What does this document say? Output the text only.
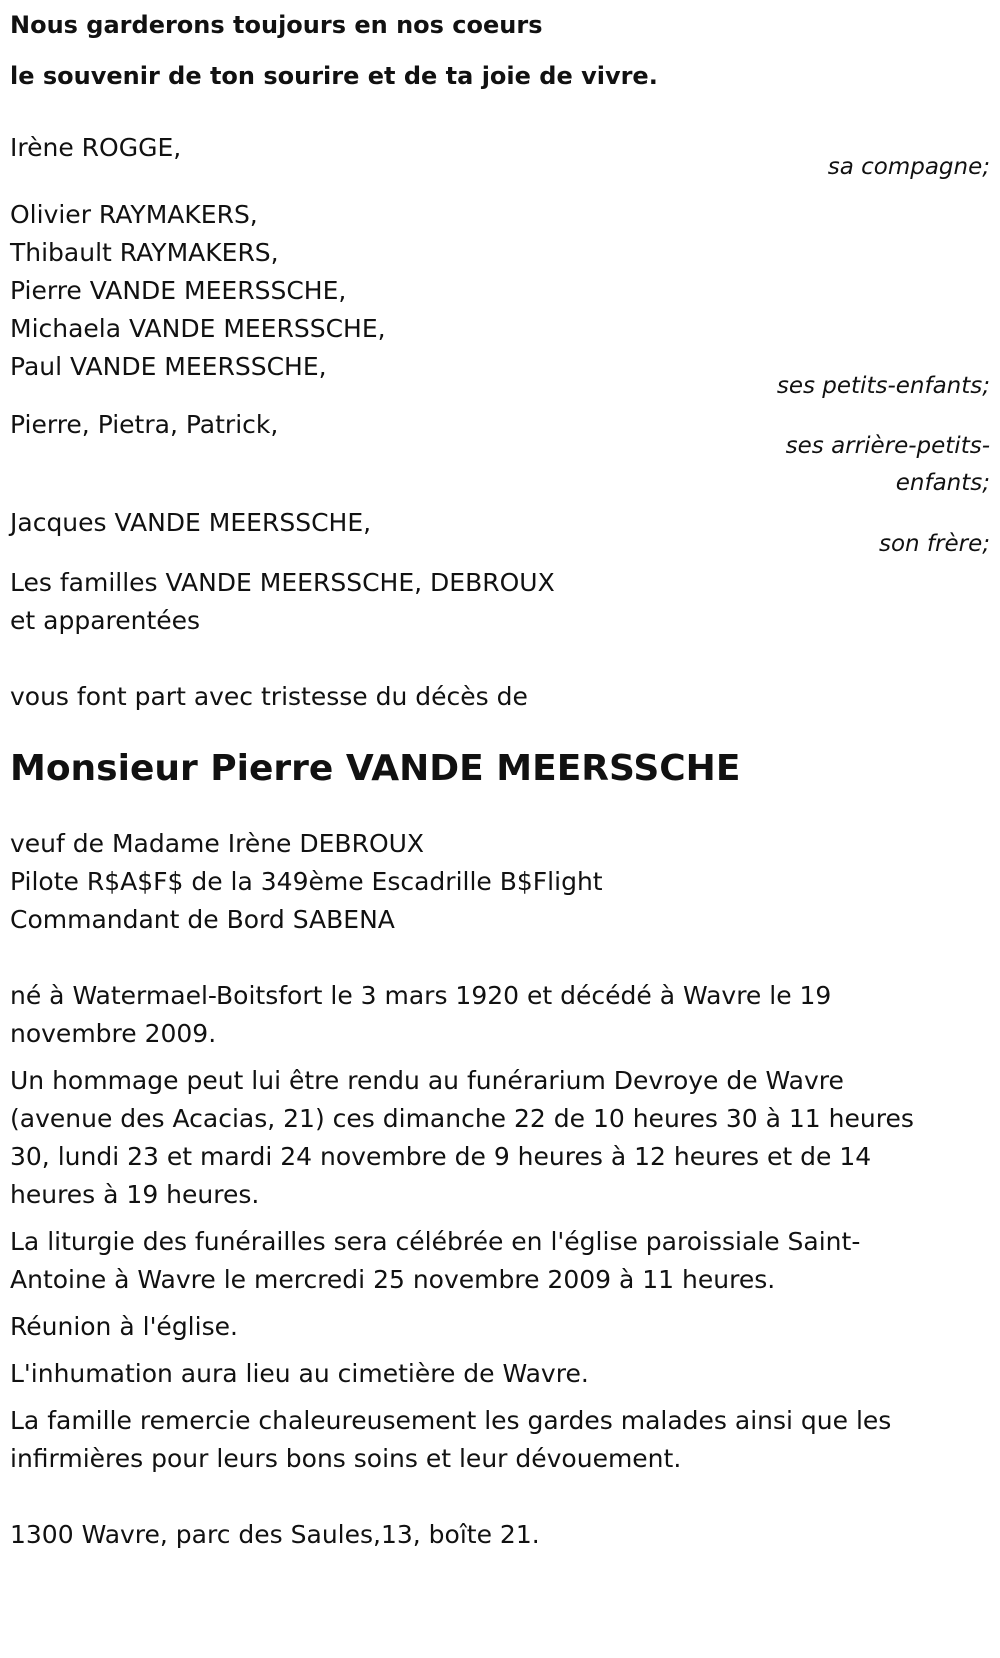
Nous garderons toujours en nos coeurs
le souvenir de ton sourire et de ta joie de vivre.

Irène ROGGE,

sa compagne;

Olivier RAYMAKERS,

Thibault RAYMAKERS,

Pierre VANDE MEERSSCHE,

Michaela VANDE MEERSSCHE,

Paul VANDE MEERSSCHE,

ses petits-enfants;

Pierre, Pietra, Patrick,

ses arrière-petits-
enfants;

Jacques VANDE MEERSSCHE,

son frère;

Les familles VANDE MEERSSCHE, DEBROUX

et apparentées

vous font part avec tristesse du décès de

Monsieur Pierre VANDE MEERSSCHE

veuf de Madame Irène DEBROUX

Pilote R$A$F$ de la 349ème Escadrille B$Flight

Commandant de Bord SABENA

né à Watermael-Boitsfort le 3 mars 1920 et décédé à Wavre le 19 novembre 2009.

Un hommage peut lui être rendu au funérarium Devroye de Wavre (avenue des Acacias, 21) ces dimanche 22 de 10 heures 30 à 11 heures 30, lundi 23 et mardi 24 novembre de 9 heures à 12 heures et de 14 heures à 19 heures.

La liturgie des funérailles sera célébrée en l'église paroissiale Saint-Antoine à Wavre le mercredi 25 novembre 2009 à 11 heures.

Réunion à l'église.

L'inhumation aura lieu au cimetière de Wavre.

La famille remercie chaleureusement les gardes malades ainsi que les infirmières pour leurs bons soins et leur dévouement.

1300 Wavre, parc des Saules,13, boîte 21.
